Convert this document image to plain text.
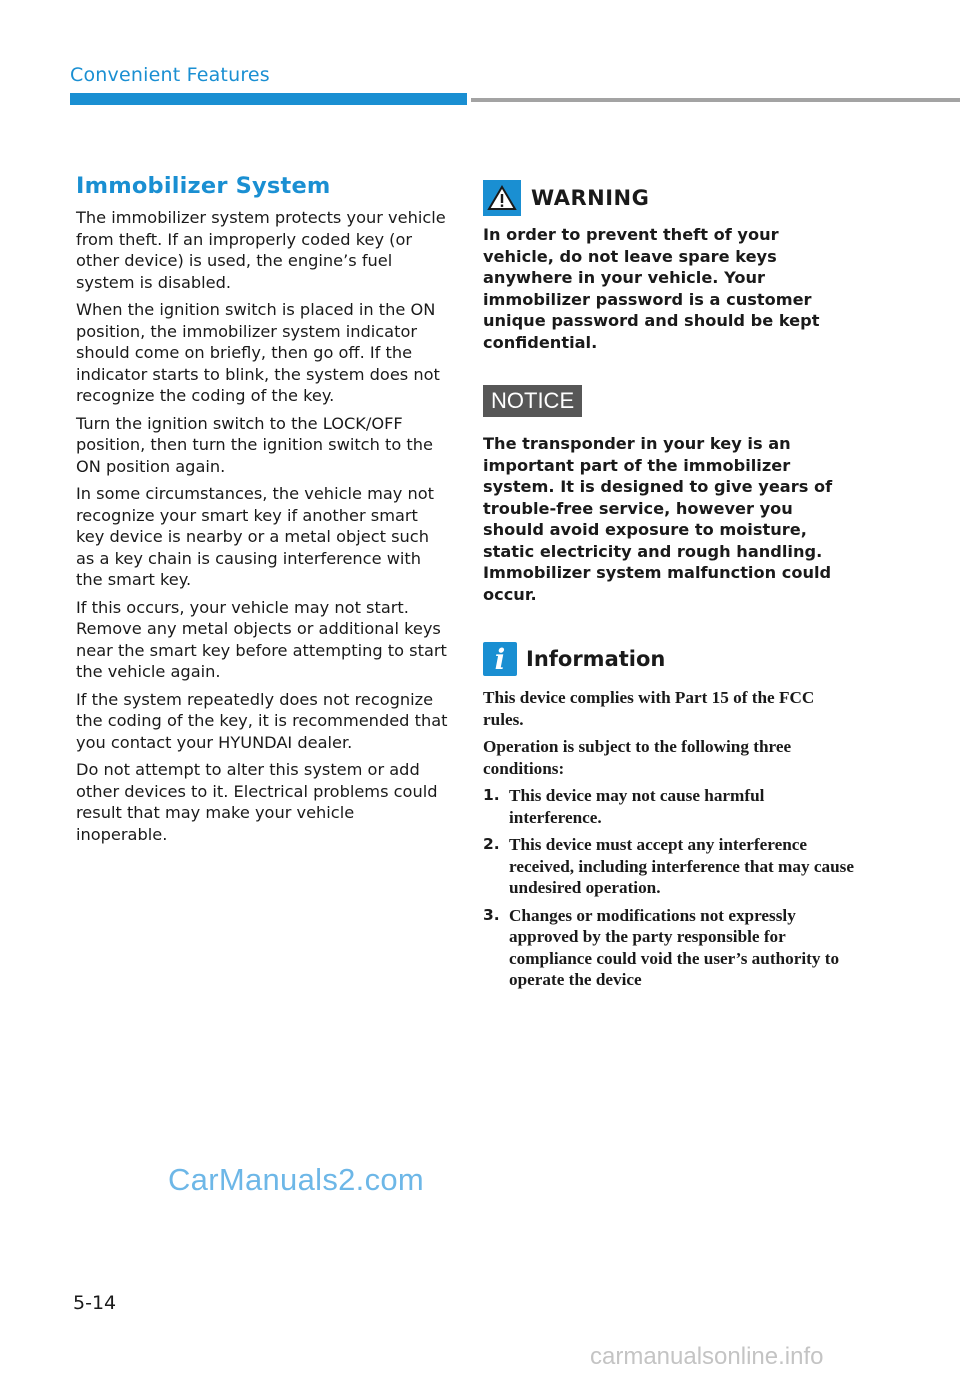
Convenient Features
Immobilizer System

The immobilizer system protects your vehicle from theft. If an improperly coded key (or other device) is used, the engine’s fuel system is disabled.

When the ignition switch is placed in the ON position, the immobilizer system indicator should come on briefly, then go off. If the indicator starts to blink, the system does not recognize the coding of the key.

Turn the ignition switch to the LOCK/OFF position, then turn the ignition switch to the ON position again.

In some circumstances, the vehicle may not recognize your smart key if another smart key device is nearby or a metal object such as a key chain is causing interference with the smart key.

If this occurs, your vehicle may not start. Remove any metal objects or additional keys near the smart key before attempting to start the vehicle again.

If the system repeatedly does not recognize the coding of the key, it is recommended that you contact your HYUNDAI dealer.

Do not attempt to alter this system or add other devices to it. Electrical problems could result that may make your vehicle inoperable.

WARNING

In order to prevent theft of your vehicle, do not leave spare keys anywhere in your vehicle. Your immobilizer password is a customer unique password and should be kept confidential.

NOTICE

The transponder in your key is an important part of the immobilizer system. It is designed to give years of trouble-free service, however you should avoid exposure to moisture, static electricity and rough handling. Immobilizer system malfunction could occur.

i Information

This device complies with Part 15 of the FCC rules.

Operation is subject to the following three conditions:

1. This device may not cause harmful interference.
2. This device must accept any interference received, including interference that may cause undesired operation.
3. Changes or modifications not expressly approved by the party responsible for compliance could void the user’s authority to operate the device
CarManuals2.com
5-14
carmanualsonline.info
